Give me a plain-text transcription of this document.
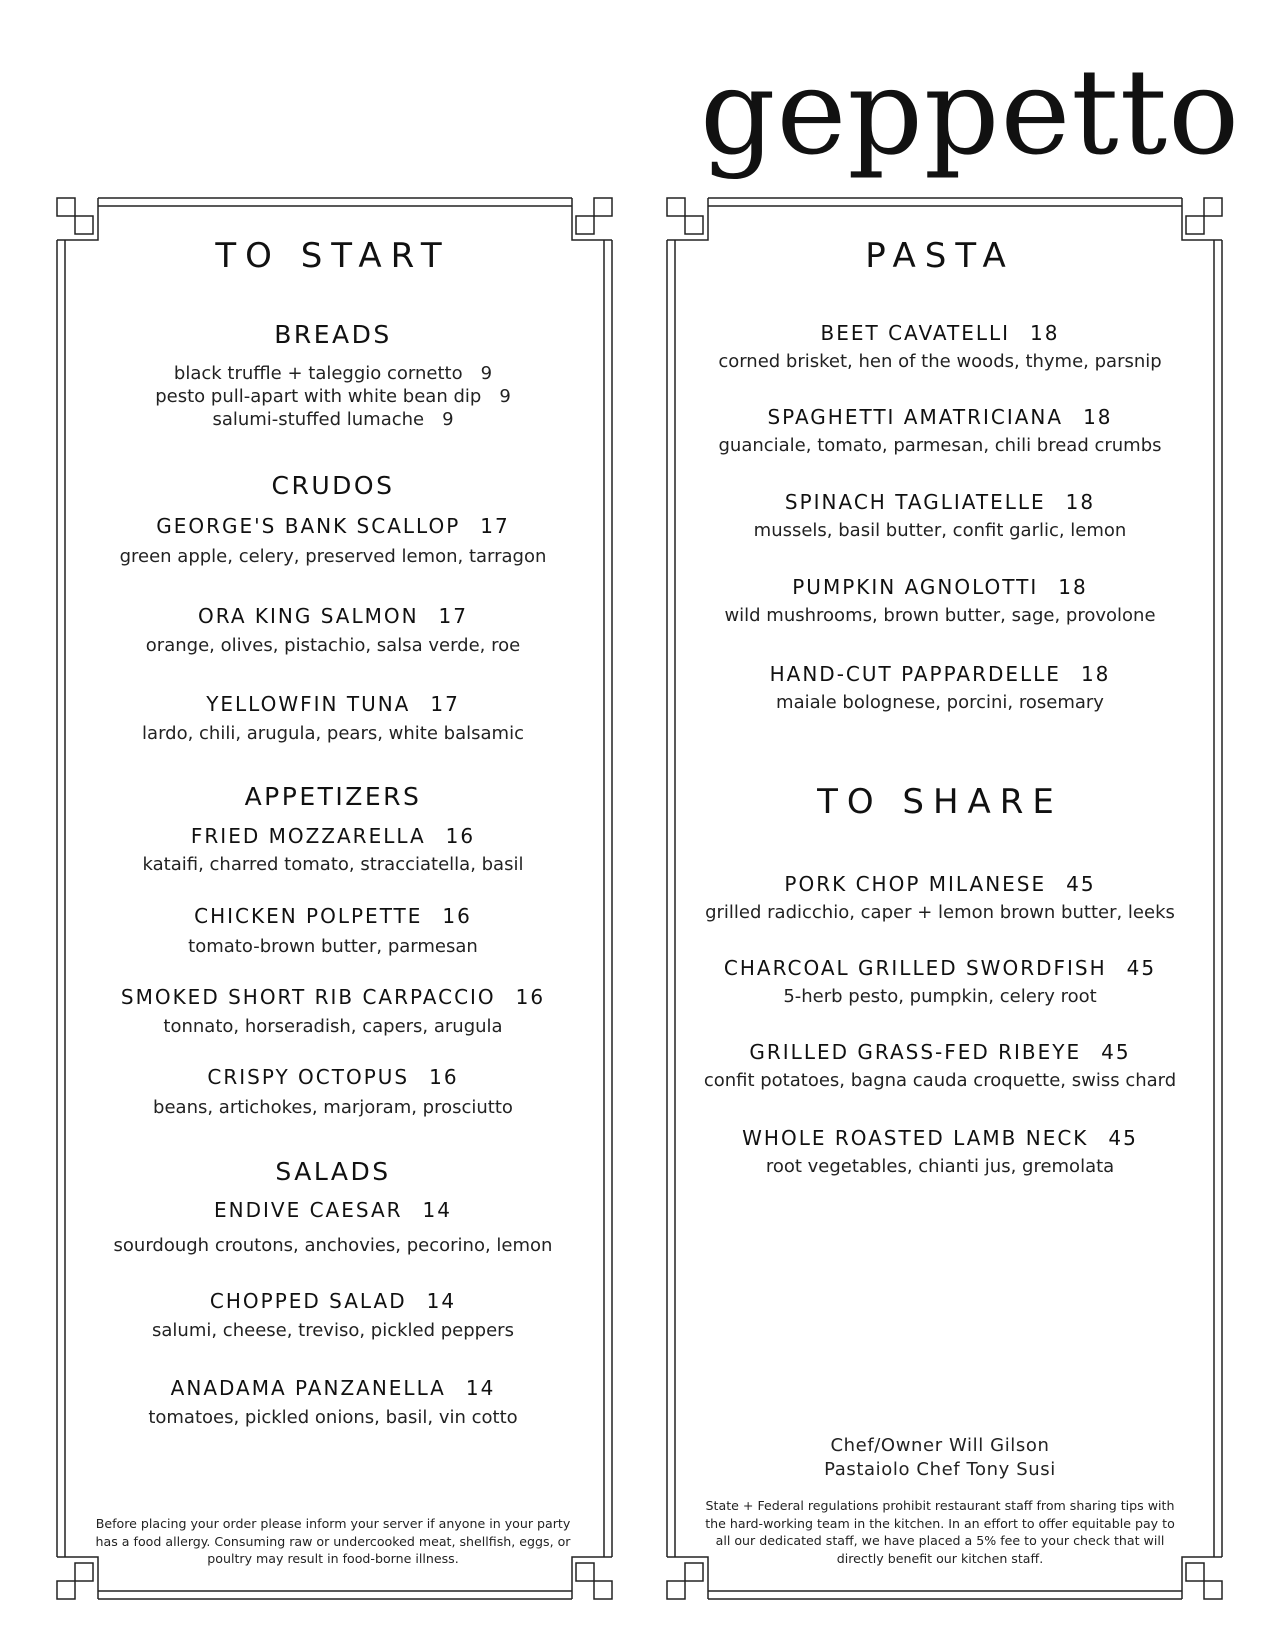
geppetto
TO START
BREADS
black truffle + taleggio cornetto 9
pesto pull-apart with white bean dip 9
salumi-stuffed lumache 9
CRUDOS
GEORGE'S BANK SCALLOP 17
green apple, celery, preserved lemon, tarragon
ORA KING SALMON 17
orange, olives, pistachio, salsa verde, roe
YELLOWFIN TUNA 17
lardo, chili, arugula, pears, white balsamic
APPETIZERS
FRIED MOZZARELLA 16
kataifi, charred tomato, stracciatella, basil
CHICKEN POLPETTE 16
tomato-brown butter, parmesan
SMOKED SHORT RIB CARPACCIO 16
tonnato, horseradish, capers, arugula
CRISPY OCTOPUS 16
beans, artichokes, marjoram, prosciutto
SALADS
ENDIVE CAESAR 14
sourdough croutons, anchovies, pecorino, lemon
CHOPPED SALAD 14
salumi, cheese, treviso, pickled peppers
ANADAMA PANZANELLA 14
tomatoes, pickled onions, basil, vin cotto
Before placing your order please inform your server if anyone in your party has a food allergy. Consuming raw or undercooked meat, shellfish, eggs, or poultry may result in food-borne illness.
PASTA
BEET CAVATELLI 18
corned brisket, hen of the woods, thyme, parsnip
SPAGHETTI AMATRICIANA 18
guanciale, tomato, parmesan, chili bread crumbs
SPINACH TAGLIATELLE 18
mussels, basil butter, confit garlic, lemon
PUMPKIN AGNOLOTTI 18
wild mushrooms, brown butter, sage, provolone
HAND-CUT PAPPARDELLE 18
maiale bolognese, porcini, rosemary
TO SHARE
PORK CHOP MILANESE 45
grilled radicchio, caper + lemon brown butter, leeks
CHARCOAL GRILLED SWORDFISH 45
5-herb pesto, pumpkin, celery root
GRILLED GRASS-FED RIBEYE 45
confit potatoes, bagna cauda croquette, swiss chard
WHOLE ROASTED LAMB NECK 45
root vegetables, chianti jus, gremolata
Chef/Owner Will Gilson
Pastaiolo Chef Tony Susi
State + Federal regulations prohibit restaurant staff from sharing tips with the hard-working team in the kitchen. In an effort to offer equitable pay to all our dedicated staff, we have placed a 5% fee to your check that will directly benefit our kitchen staff.
